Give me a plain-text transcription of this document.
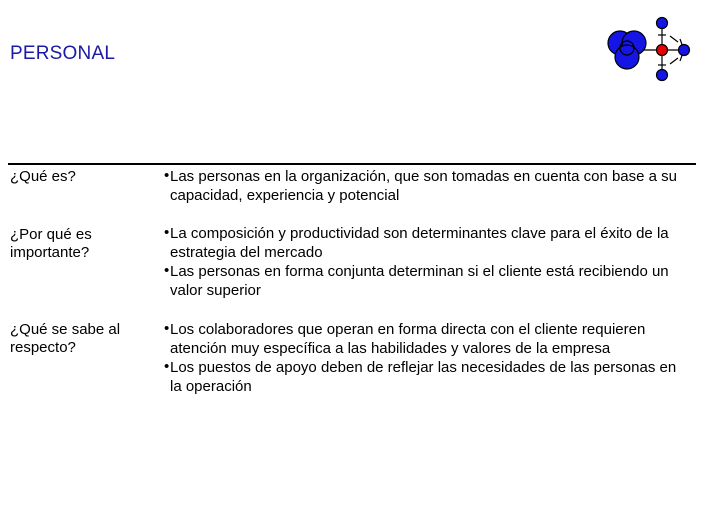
PERSONAL
¿Qué es?	• Las personas en la organización, que son tomadas en cuenta con base a su capacidad, experiencia y potencial
¿Por qué es importante?
• La composición y productividad son determinantes clave para el éxito de la estrategia del mercado
• Las personas en forma conjunta determinan si el cliente está recibiendo un valor superior
¿Qué se sabe al respecto?
• Los colaboradores que operan en forma directa con el cliente requieren atención muy específica a las habilidades y valores de la empresa
• Los puestos de apoyo deben de reflejar las necesidades de las personas en la operación
